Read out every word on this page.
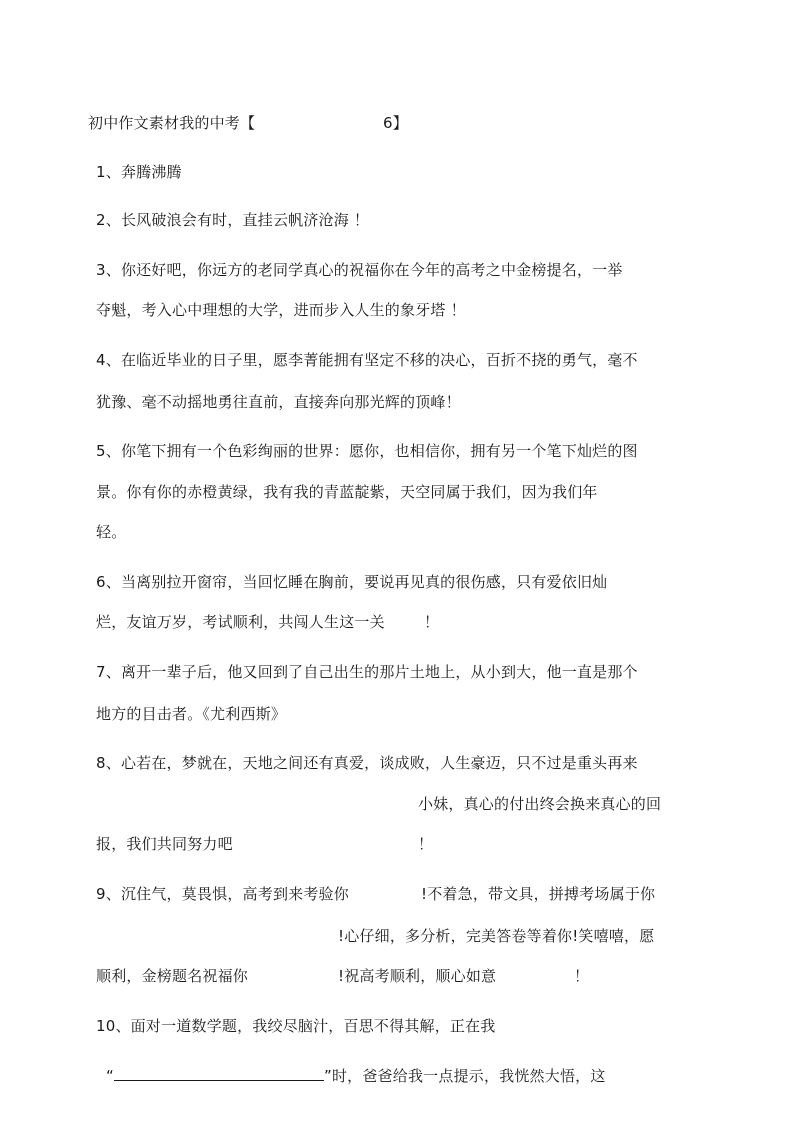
初中作文素材我的中考【	6】
1、奔腾沸腾
2、长风破浪会有时，直挂云帆济沧海 ！
3、你还好吧，你远方的老同学真心的祝福你在今年的高考之中金榜提名，一举
夺魁，考入心中理想的大学，进而步入人生的象牙塔 ！
4、在临近毕业的日子里，愿李菁能拥有坚定不移的决心，百折不挠的勇气，毫不
犹豫、毫不动摇地勇往直前，直接奔向那光辉的顶峰！
5、你笔下拥有一个色彩绚丽的世界：愿你，也相信你，拥有另一个笔下灿烂的图
景。你有你的赤橙黄绿，我有我的青蓝靛紫，天空同属于我们，因为我们年
轻。
6、当离别拉开窗帘，当回忆睡在胸前，要说再见真的很伤感，只有爱依旧灿
烂，友谊万岁，考试顺利，共闯人生这一关	！
7、离开一辈子后，他又回到了自己出生的那片土地上，从小到大，他一直是那个
地方的目击者。《尤利西斯》
8、心若在，梦就在，天地之间还有真爱，谈成败，人生豪迈，只不过是重头再来
小妹，真心的付出终会换来真心的回
报，我们共同努力吧	！
9、沉住气，莫畏惧，高考到来考验你	!不着急，带文具，拼搏考场属于你
!心仔细，多分析，完美答卷等着你!笑嘻嘻，愿
顺利，金榜题名祝福你	!祝高考顺利，顺心如意	！
10、面对一道数学题，我绞尽脑汁，百思不得其解，正在我
“	”时，爸爸给我一点提示，我恍然大悟，这
